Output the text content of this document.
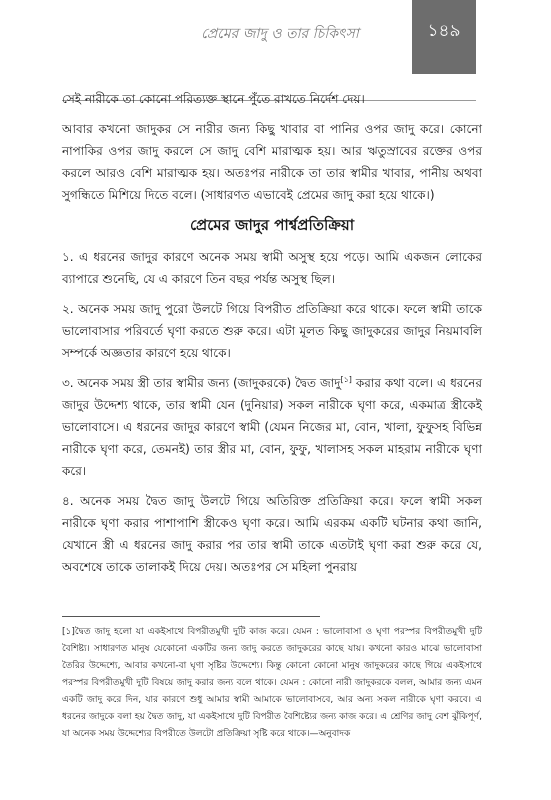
প্রেমের জাদু ও তার চিকিৎসা	১৪৯

সেই নারীকে তা কোনো পরিত্যক্ত স্থানে পুঁতে রাখতে নির্দেশ দেয়।

আবার কখনো জাদুকর সে নারীর জন্য কিছু খাবার বা পানির ওপর জাদু করে। কোনো নাপাকির ওপর জাদু করলে সে জাদু বেশি মারাত্মক হয়। আর ঋতুস্রাবের রক্তের ওপর করলে আরও বেশি মারাত্মক হয়। অতঃপর নারীকে তা তার স্বামীর খাবার, পানীয় অথবা সুগন্ধিতে মিশিয়ে দিতে বলে। (সাধারণত এভাবেই প্রেমের জাদু করা হয়ে থাকে।)

প্রেমের জাদুর পার্শ্বপ্রতিক্রিয়া

১. এ ধরনের জাদুর কারণে অনেক সময় স্বামী অসুস্থ হয়ে পড়ে। আমি একজন লোকের ব্যাপারে শুনেছি, যে এ কারণে তিন বছর পর্যন্ত অসুস্থ ছিল।

২. অনেক সময় জাদু পুরো উলটে গিয়ে বিপরীত প্রতিক্রিয়া করে থাকে। ফলে স্বামী তাকে ভালোবাসার পরিবর্তে ঘৃণা করতে শুরু করে। এটা মূলত কিছু জাদুকরের জাদুর নিয়মাবলি সম্পর্কে অজ্ঞতার কারণে হয়ে থাকে।

৩. অনেক সময় স্ত্রী তার স্বামীর জন্য (জাদুকরকে) দ্বৈত জাদু[১] করার কথা বলে। এ ধরনের জাদুর উদ্দেশ্য থাকে, তার স্বামী যেন (দুনিয়ার) সকল নারীকে ঘৃণা করে, একমাত্র স্ত্রীকেই ভালোবাসে। এ ধরনের জাদুর কারণে স্বামী (যেমন নিজের মা, বোন, খালা, ফুফুসহ বিভিন্ন নারীকে ঘৃণা করে, তেমনই) তার স্ত্রীর মা, বোন, ফুফু, খালাসহ সকল মাহরাম নারীকে ঘৃণা করে।

৪. অনেক সময় দ্বৈত জাদু উলটে গিয়ে অতিরিক্ত প্রতিক্রিয়া করে। ফলে স্বামী সকল নারীকে ঘৃণা করার পাশাপাশি স্ত্রীকেও ঘৃণা করে। আমি এরকম একটি ঘটনার কথা জানি, যেখানে স্ত্রী এ ধরনের জাদু করার পর তার স্বামী তাকে এতটাই ঘৃণা করা শুরু করে যে, অবশেষে তাকে তালাকই দিয়ে দেয়। অতঃপর সে মহিলা পুনরায়

[১]দ্বৈত জাদু হলো যা একইসাথে বিপরীতমুখী দুটি কাজ করে। যেমন : ভালোবাসা ও ঘৃণা পরস্পর বিপরীতমুখী দুটি বৈশিষ্ট্য। সাধারণত মানুষ যেকোনো একটির জন্য জাদু করতে জাদুকরের কাছে যায়। কখনো কারও মাঝে ভালোবাসা তৈরির উদ্দেশ্যে, আবার কখনো-বা ঘৃণা সৃষ্টির উদ্দেশ্যে। কিন্তু কোনো কোনো মানুষ জাদুকরের কাছে গিয়ে একইসাথে পরস্পর বিপরীতমুখী দুটি বিষয়ে জাদু করার জন্য বলে থাকে। যেমন : কোনো নারী জাদুকরকে বলল, আমার জন্য এমন একটি জাদু করে দিন, যার কারণে শুধু আমার স্বামী আমাকে ভালোবাসবে, আর অন্য সকল নারীকে ঘৃণা করবে। এ ধরনের জাদুকে বলা হয় দ্বৈত জাদু, যা একইসাথে দুটি বিপরীত বৈশিষ্ট্যের জন্য কাজ করে। এ শ্রেণির জাদু বেশ ঝুঁকিপূর্ণ, যা অনেক সময় উদ্দেশ্যের বিপরীতে উলটো প্রতিক্রিয়া সৃষ্টি করে থাকে।—অনুবাদক
